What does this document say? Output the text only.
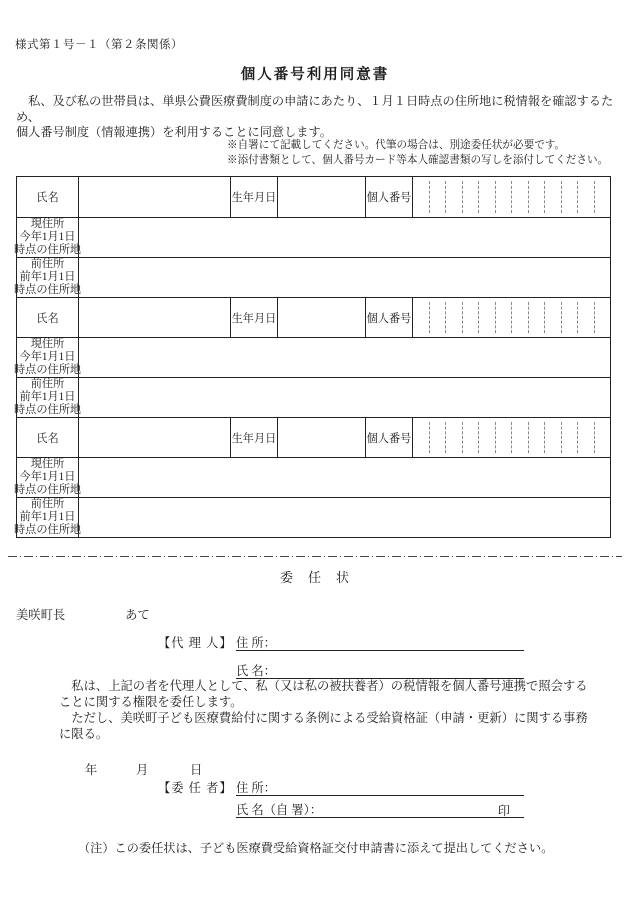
様式第１号－１（第２条関係）
個人番号利用同意書
　私、及び私の世帯員は、単県公費医療費制度の申請にあたり、１月１日時点の住所地に税情報を確認するため、
個人番号制度（情報連携）を利用することに同意します。
※自署にて記載してください。代筆の場合は、別途委任状が必要です。
※添付書類として、個人番号カード等本人確認書類の写しを添付してください。
氏名	生年月日	個人番号
現住所
今年1月1日
時点の住所地
前住所
前年1月1日
時点の住所地
氏名	生年月日	個人番号
現住所
今年1月1日
時点の住所地
前住所
前年1月1日
時点の住所地
氏名	生年月日	個人番号
現住所
今年1月1日
時点の住所地
前住所
前年1月1日
時点の住所地
委　任　状
美咲町長	あて
【代 理 人】 住 所：
氏 名：
　私は、上記の者を代理人として、私（又は私の被扶養者）の税情報を個人番号連携で照会する
ことに関する権限を委任します。
　ただし、美咲町子ども医療費給付に関する条例による受給資格証（申請・更新）に関する事務
に限る。
年	月	日
【委 任 者】 住 所：
氏 名（自 署）：	印
（注）この委任状は、子ども医療費受給資格証交付申請書に添えて提出してください。
